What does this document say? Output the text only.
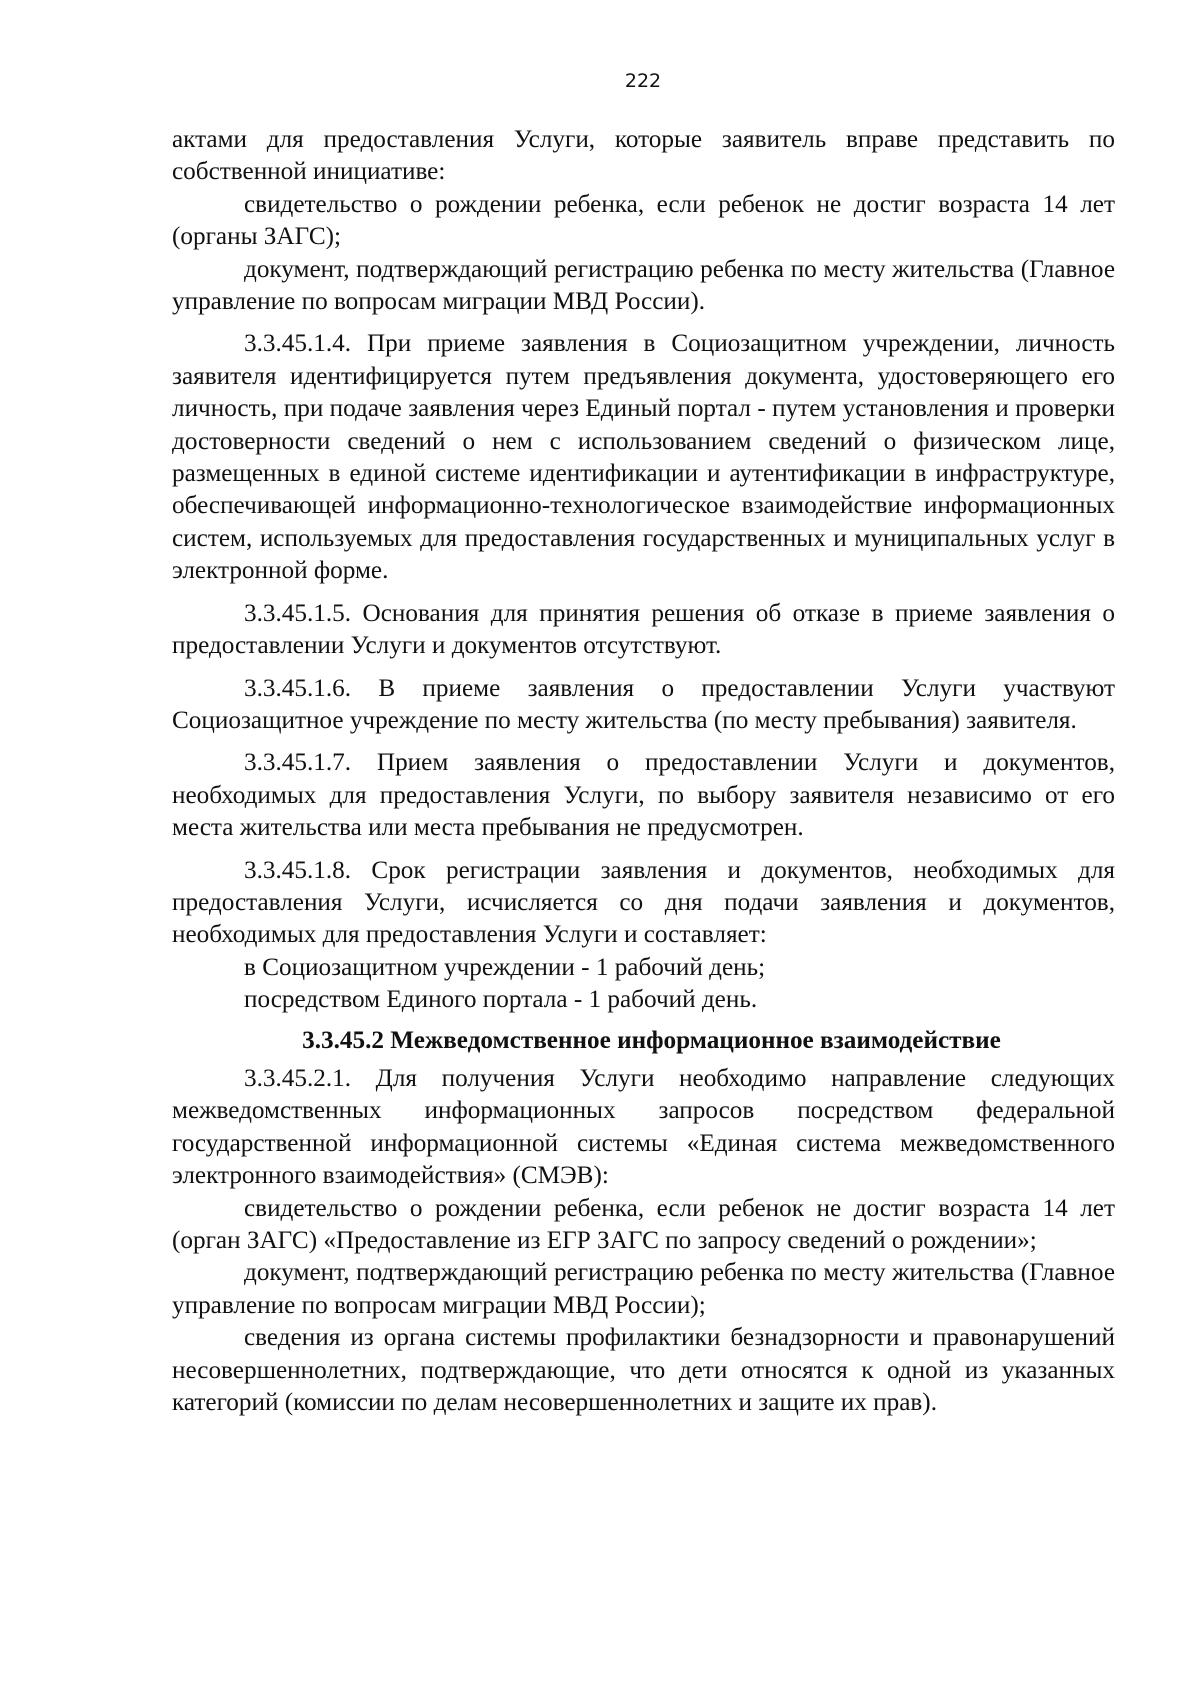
222

актами для предоставления Услуги, которые заявитель вправе представить по собственной инициативе:

свидетельство о рождении ребенка, если ребенок не достиг возраста 14 лет (органы ЗАГС);

документ, подтверждающий регистрацию ребенка по месту жительства (Главное управление по вопросам миграции МВД России).

3.3.45.1.4. При приеме заявления в Социозащитном учреждении, личность заявителя идентифицируется путем предъявления документа, удостоверяющего его личность, при подаче заявления через Единый портал - путем установления и проверки достоверности сведений о нем с использованием сведений о физическом лице, размещенных в единой системе идентификации и аутентификации в инфраструктуре, обеспечивающей информационно-технологическое взаимодействие информационных систем, используемых для предоставления государственных и муниципальных услуг в электронной форме.

3.3.45.1.5. Основания для принятия решения об отказе в приеме заявления о предоставлении Услуги и документов отсутствуют.

3.3.45.1.6. В приеме заявления о предоставлении Услуги участвуют Социозащитное учреждение по месту жительства (по месту пребывания) заявителя.

3.3.45.1.7. Прием заявления о предоставлении Услуги и документов, необходимых для предоставления Услуги, по выбору заявителя независимо от его места жительства или места пребывания не предусмотрен.

3.3.45.1.8. Срок регистрации заявления и документов, необходимых для предоставления Услуги, исчисляется со дня подачи заявления и документов, необходимых для предоставления Услуги и составляет:

в Социозащитном учреждении - 1 рабочий день;

посредством Единого портала - 1 рабочий день.

3.3.45.2 Межведомственное информационное взаимодействие

3.3.45.2.1. Для получения Услуги необходимо направление следующих межведомственных информационных запросов посредством федеральной государственной информационной системы «Единая система межведомственного электронного взаимодействия» (СМЭВ):

свидетельство о рождении ребенка, если ребенок не достиг возраста 14 лет (орган ЗАГС) «Предоставление из ЕГР ЗАГС по запросу сведений о рождении»;

документ, подтверждающий регистрацию ребенка по месту жительства (Главное управление по вопросам миграции МВД России);

сведения из органа системы профилактики безнадзорности и правонарушений несовершеннолетних, подтверждающие, что дети относятся к одной из указанных категорий (комиссии по делам несовершеннолетних и защите их прав).
